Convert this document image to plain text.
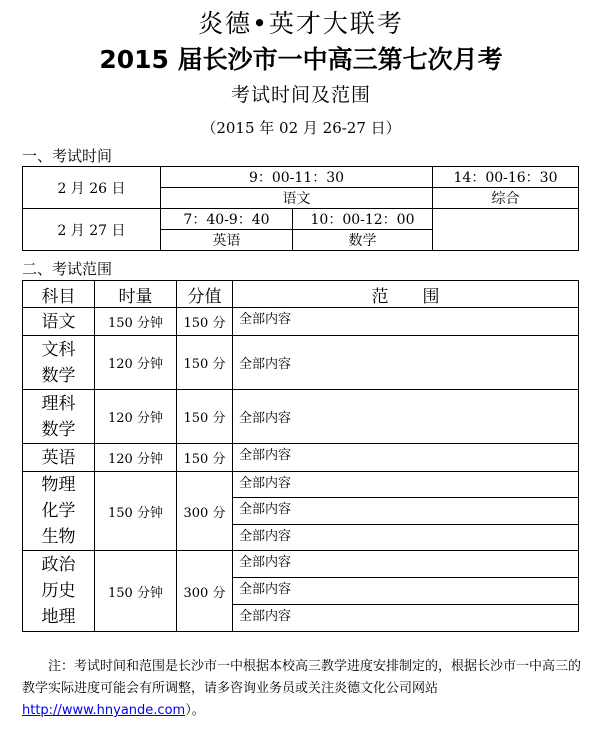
炎德•英才大联考
2015 届长沙市一中高三第七次月考
考试时间及范围
（2015 年 02 月 26-27 日）
一、考试时间
2 月 26 日	9：00-11：30		14：00-16：30
	语文		综合
2 月 27 日	7：40-9：40	10：00-12：00	
	英语	数学	
二、考试范围
科目	时量	分值	范　　围
语文	150 分钟	150 分	全部内容

文科
数学	120 分钟	150 分	全部内容

理科
数学	120 分钟	150 分	全部内容
英语	120 分钟	150 分	全部内容

物理
化学
生物	150 分钟	300 分	全部内容
			全部内容
			全部内容

政治
历史
地理	150 分钟	300 分	全部内容
			全部内容
			全部内容
注：考试时间和范围是长沙市一中根据本校高三教学进度安排制定的，根据长沙市一中高三的教学实际进度可能会有所调整，请多咨询业务员或关注炎德文化公司网站http://www.hnyande.com）。
